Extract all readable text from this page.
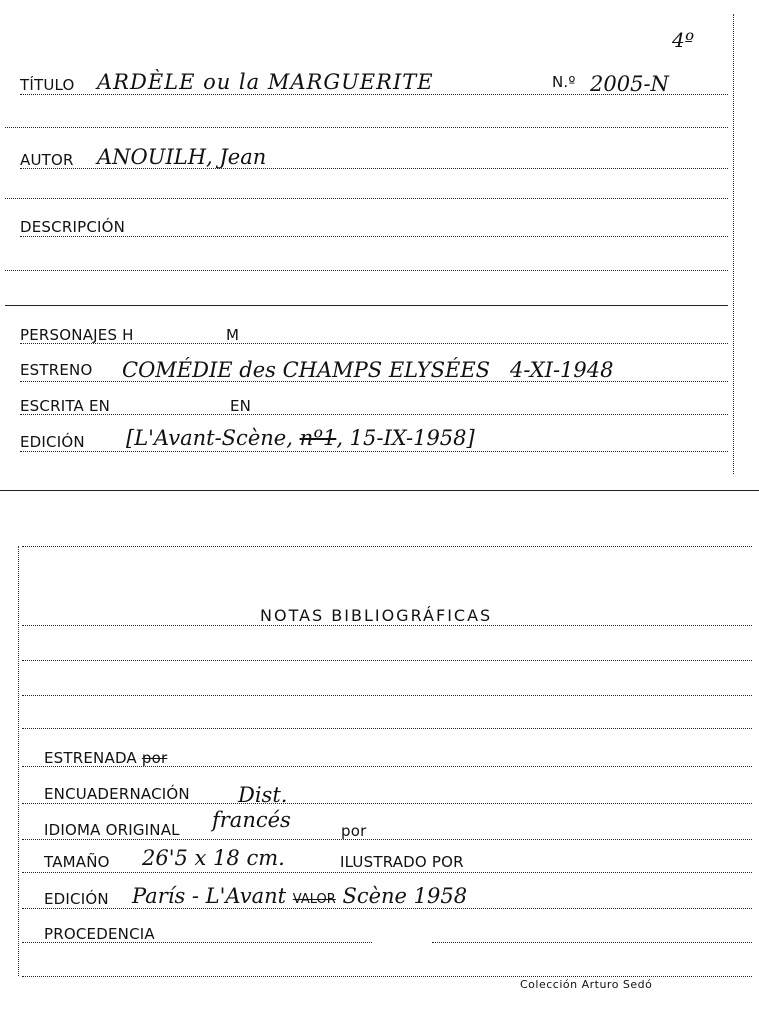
4º
TÍTULO ARDÈLE ou la MARGUERITE	N.º 2005-N
AUTOR ANOUILH, Jean
DESCRIPCIÓN
PERSONAJES H	M
ESTRENO COMÉDIE des CHAMPS ELYSÉES 4-XI-1948
ESCRITA EN	EN
EDICIÓN [L'Avant-Scène, nº1, 15-IX-1958]
NOTAS BIBLIOGRÁFICAS
ESTRENADA por
ENCUADERNACIÓN Dist.
IDIOMA ORIGINAL francés	por
TAMAÑO 26'5 x 18 cm.	ILUSTRADO POR
EDICIÓN París - L'Avant VALOR Scène 1958
PROCEDENCIA
Colección Arturo Sedó
